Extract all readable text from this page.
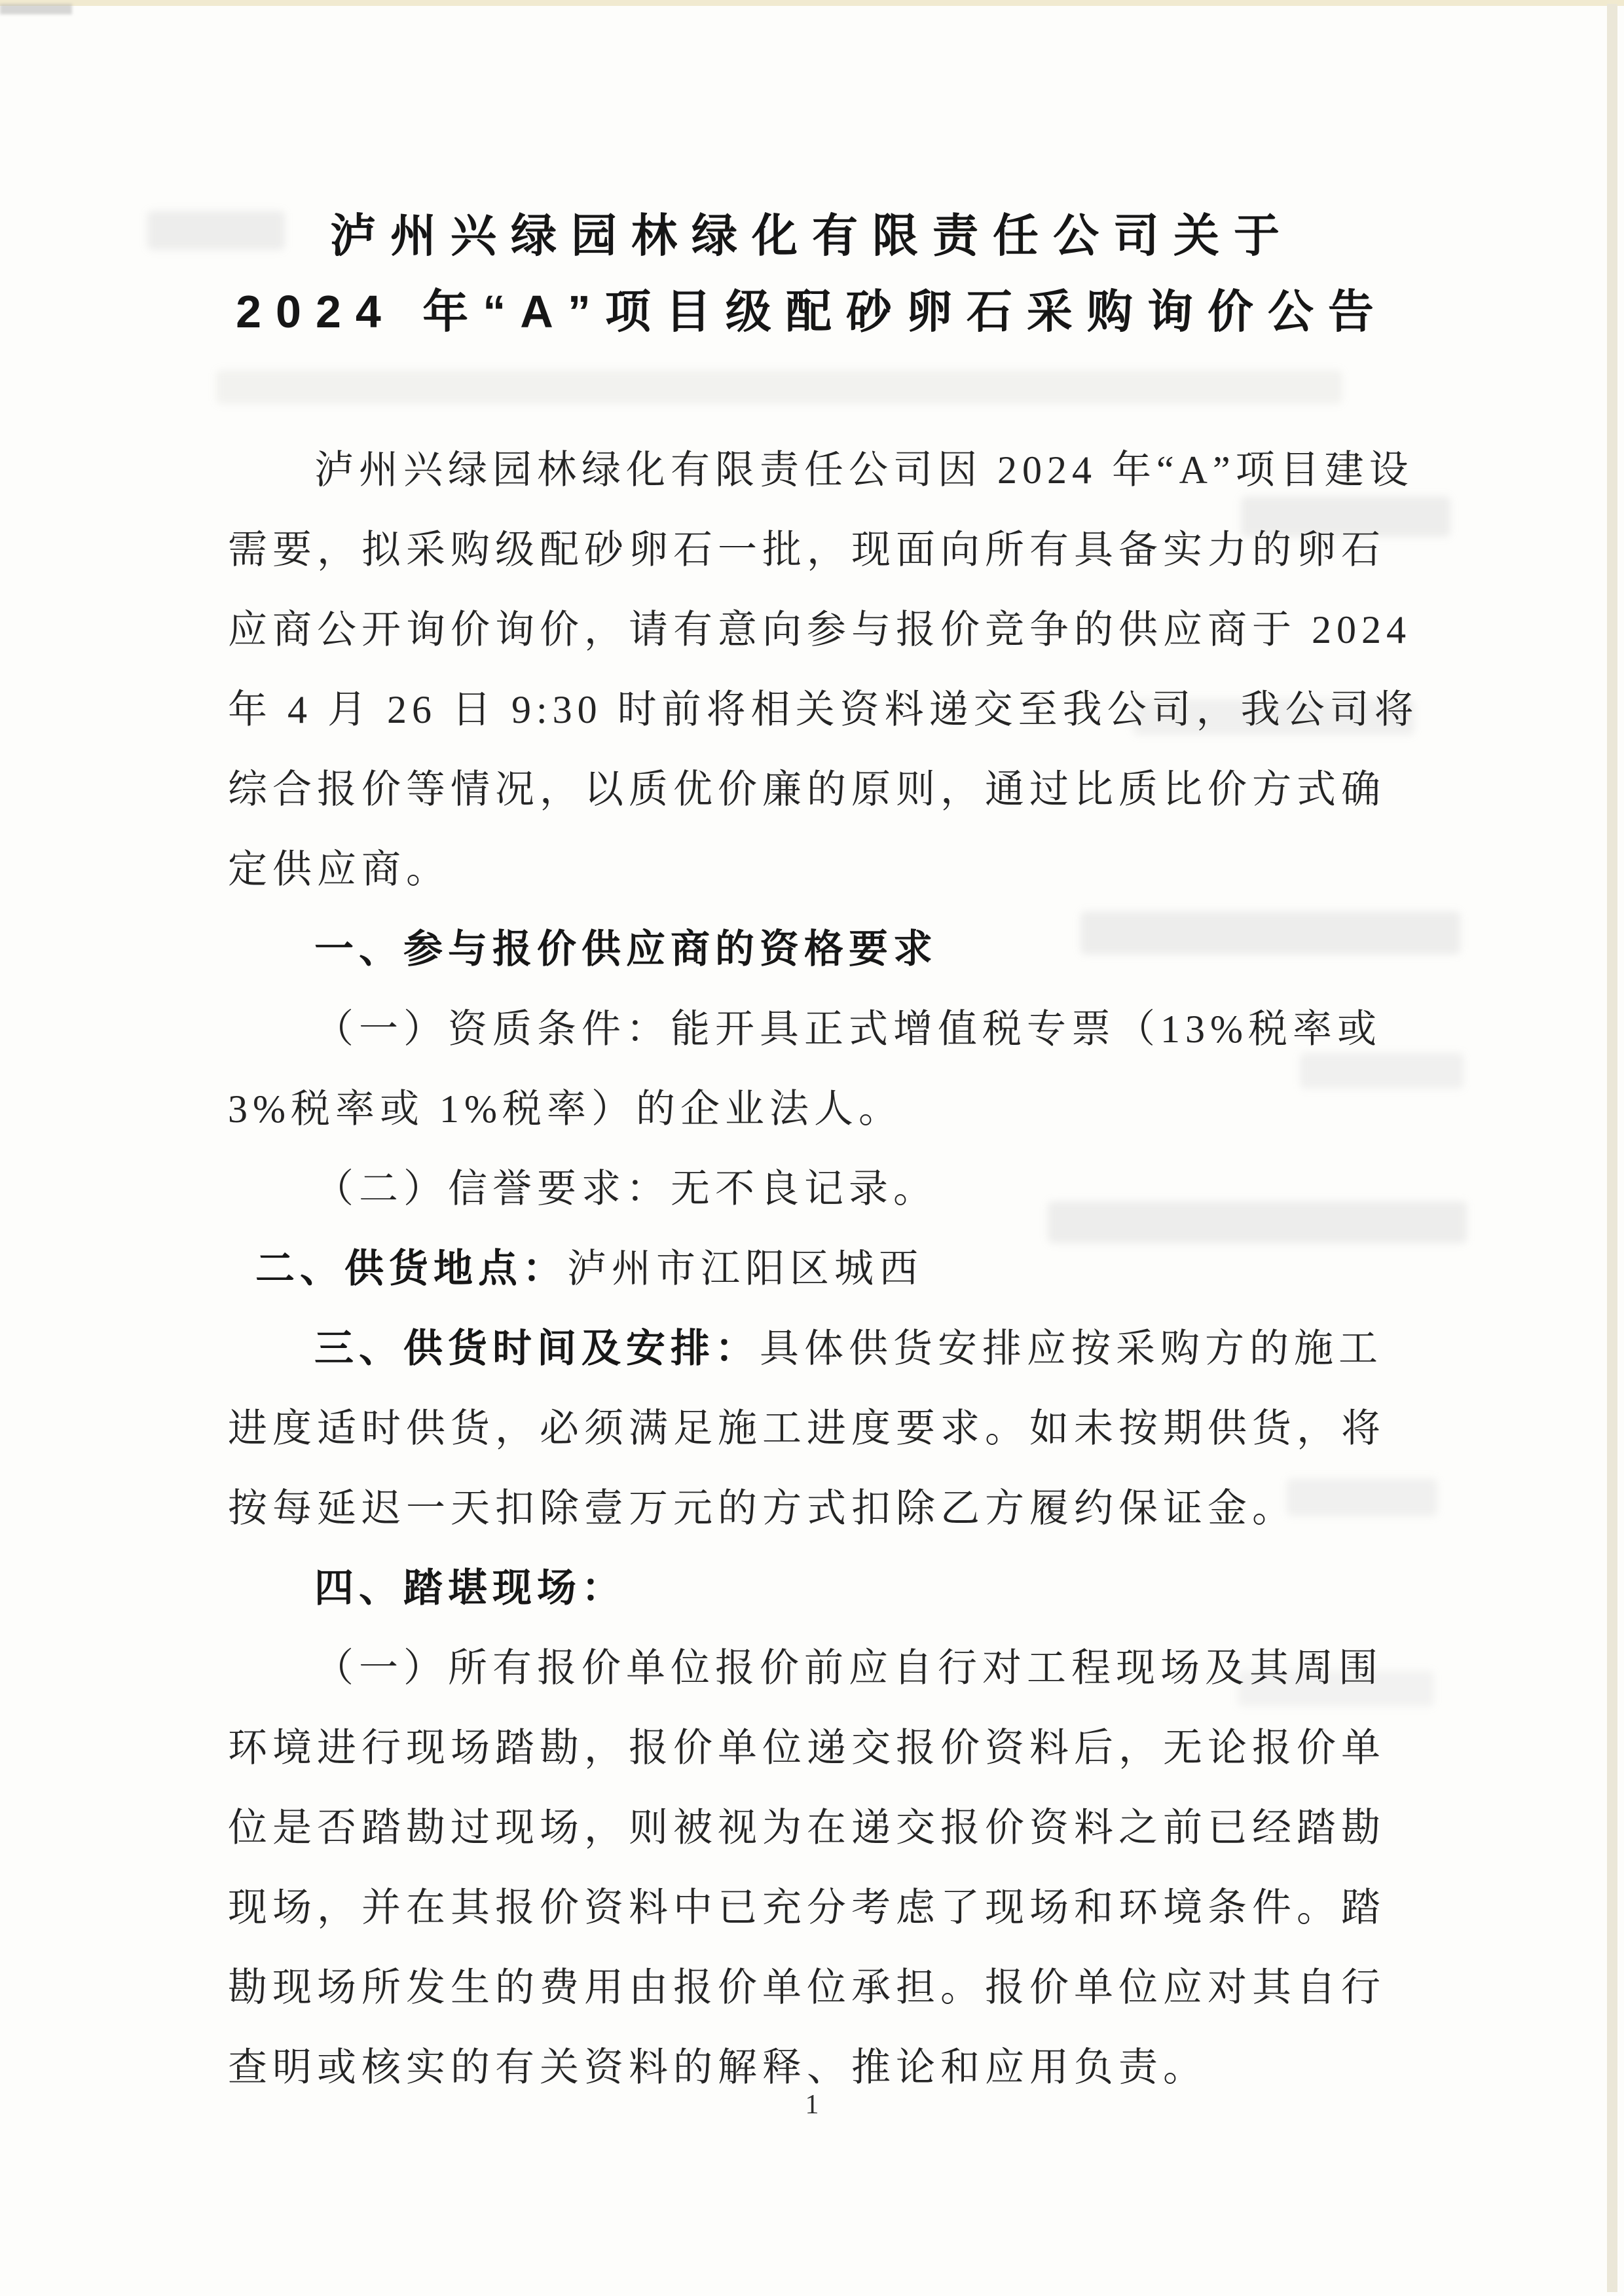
泸州兴绿园林绿化有限责任公司关于
2024 年“A”项目级配砂卵石采购询价公告
泸州兴绿园林绿化有限责任公司因 2024 年“A”项目建设
需要，拟采购级配砂卵石一批，现面向所有具备实力的卵石
应商公开询价询价，请有意向参与报价竞争的供应商于 2024
年 4 月 26 日 9:30 时前将相关资料递交至我公司，我公司将
综合报价等情况，以质优价廉的原则，通过比质比价方式确
定供应商。
一、参与报价供应商的资格要求
（一）资质条件：能开具正式增值税专票（13%税率或
3%税率或 1%税率）的企业法人。
（二）信誉要求：无不良记录。
二、供货地点：泸州市江阳区城西
三、供货时间及安排：具体供货安排应按采购方的施工
进度适时供货，必须满足施工进度要求。如未按期供货，将
按每延迟一天扣除壹万元的方式扣除乙方履约保证金。
四、踏堪现场：
（一）所有报价单位报价前应自行对工程现场及其周围
环境进行现场踏勘，报价单位递交报价资料后，无论报价单
位是否踏勘过现场，则被视为在递交报价资料之前已经踏勘
现场，并在其报价资料中已充分考虑了现场和环境条件。踏
勘现场所发生的费用由报价单位承担。报价单位应对其自行
查明或核实的有关资料的解释、推论和应用负责。
1
